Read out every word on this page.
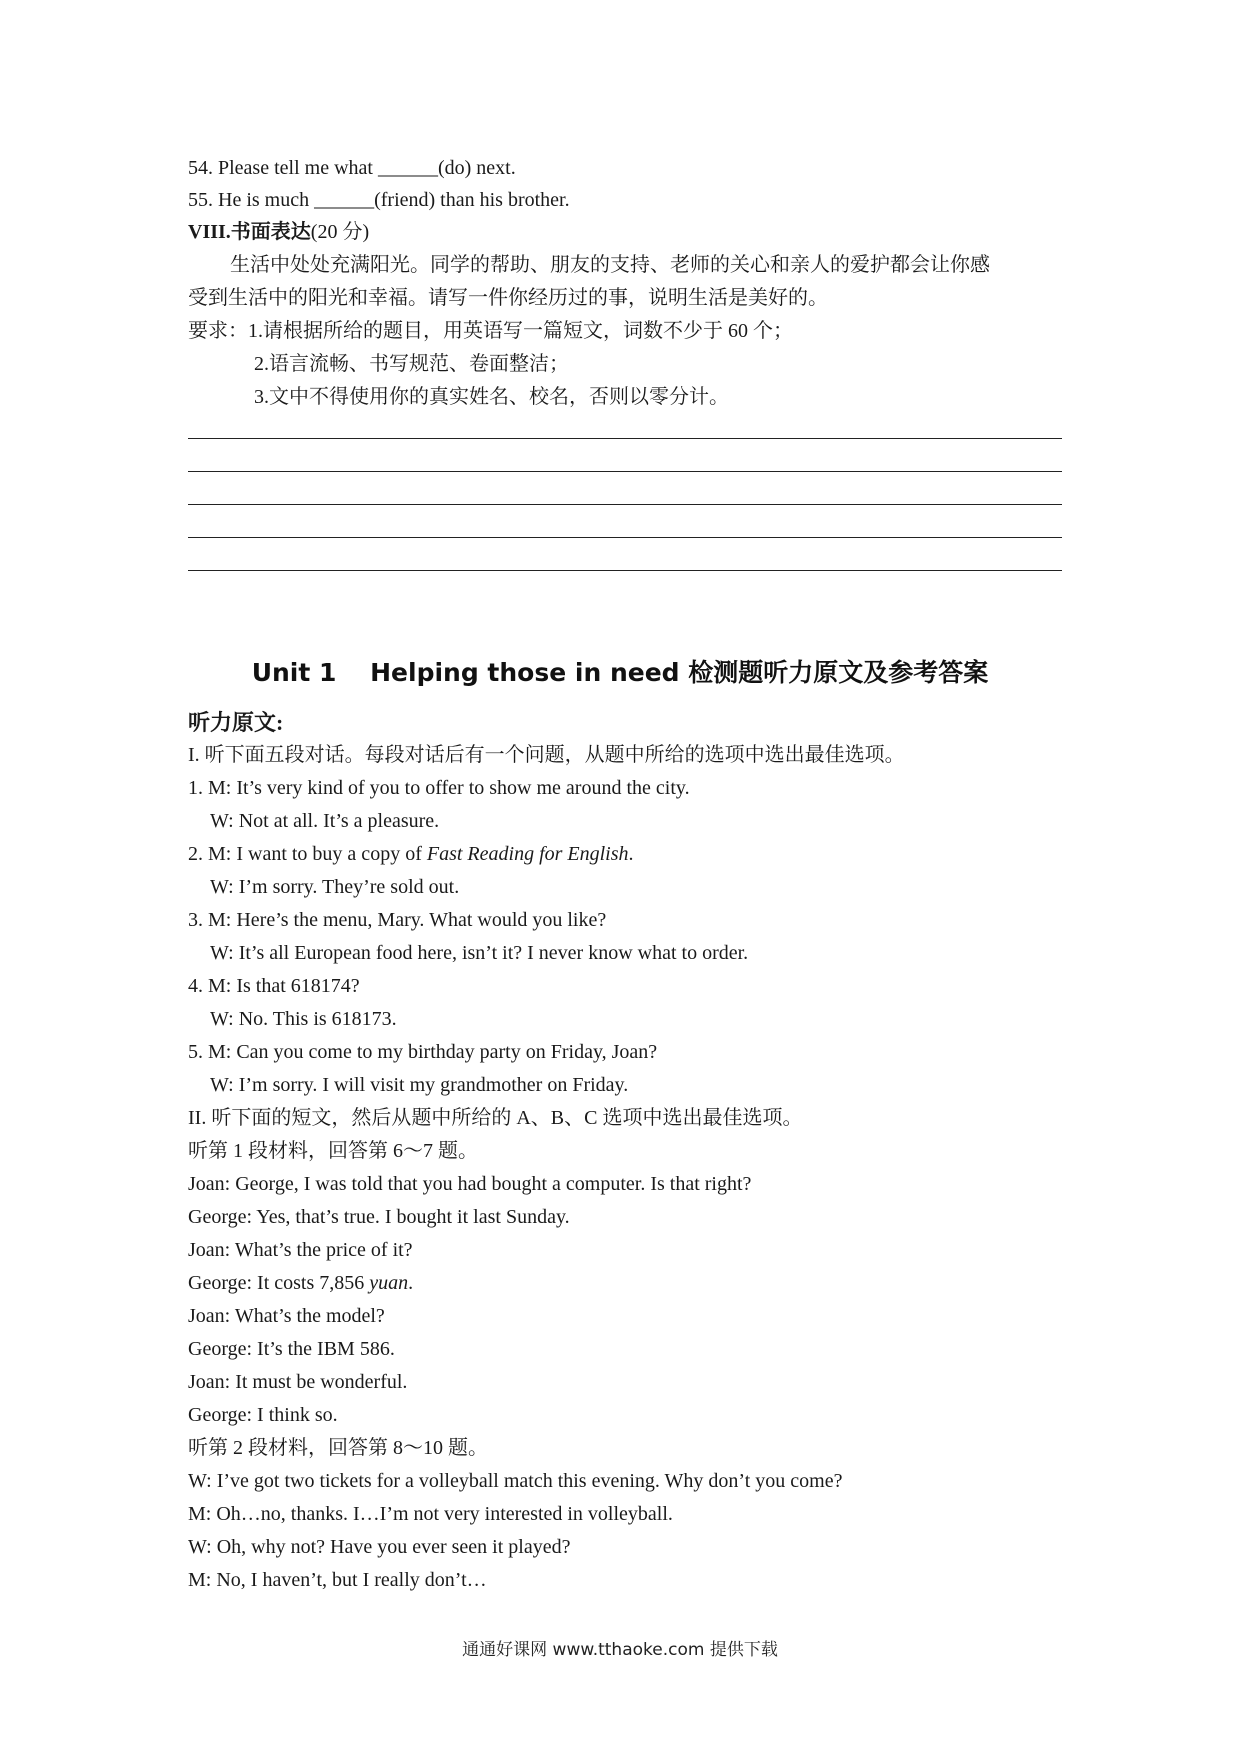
54. Please tell me what ______(do) next.
55. He is much ______(friend) than his brother.
VIII.书面表达(20 分)
生活中处处充满阳光。同学的帮助、朋友的支持、老师的关心和亲人的爱护都会让你感
受到生活中的阳光和幸福。请写一件你经历过的事，说明生活是美好的。
要求：1.请根据所给的题目，用英语写一篇短文，词数不少于 60 个；
2.语言流畅、书写规范、卷面整洁；
3.文中不得使用你的真实姓名、校名，否则以零分计。
Unit 1　 Helping those in need 检测题听力原文及参考答案
听力原文:
I. 听下面五段对话。每段对话后有一个问题，从题中所给的选项中选出最佳选项。
1. M: It’s very kind of you to offer to show me around the city.
W: Not at all. It’s a pleasure.
2. M: I want to buy a copy of Fast Reading for English.
W: I’m sorry. They’re sold out.
3. M: Here’s the menu, Mary. What would you like?
W: It’s all European food here, isn’t it? I never know what to order.
4. M: Is that 618174?
W: No. This is 618173.
5. M: Can you come to my birthday party on Friday, Joan?
W: I’m sorry. I will visit my grandmother on Friday.
II. 听下面的短文，然后从题中所给的 A、B、C 选项中选出最佳选项。
听第 1 段材料，回答第 6～7 题。
Joan: George, I was told that you had bought a computer. Is that right?
George: Yes, that’s true. I bought it last Sunday.
Joan: What’s the price of it?
George: It costs 7,856 yuan.
Joan: What’s the model?
George: It’s the IBM 586.
Joan: It must be wonderful.
George: I think so.
听第 2 段材料，回答第 8～10 题。
W: I’ve got two tickets for a volleyball match this evening. Why don’t you come?
M: Oh…no, thanks. I…I’m not very interested in volleyball.
W: Oh, why not? Have you ever seen it played?
M: No, I haven’t, but I really don’t…
通通好课网 www.tthaoke.com 提供下载
